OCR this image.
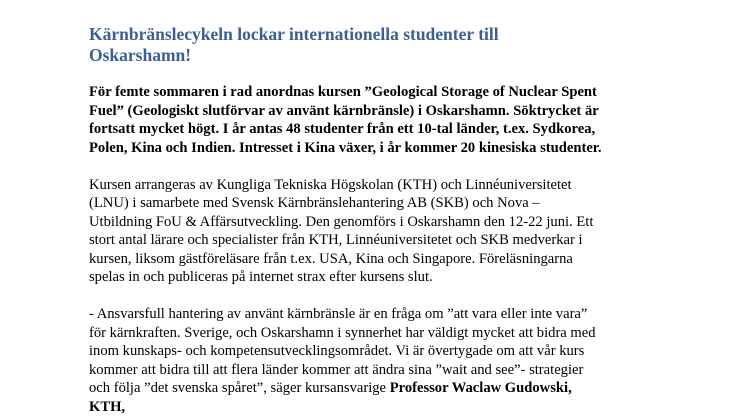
Kärnbränslecykeln lockar internationella studenter till
Oskarshamn!

För femte sommaren i rad anordnas kursen ”Geological Storage of Nuclear Spent
Fuel” (Geologiskt slutförvar av använt kärnbränsle) i Oskarshamn. Söktrycket är
fortsatt mycket högt. I år antas 48 studenter från ett 10-tal länder, t.ex. Sydkorea,
Polen, Kina och Indien. Intresset i Kina växer, i år kommer 20 kinesiska studenter.

Kursen arrangeras av Kungliga Tekniska Högskolan (KTH) och Linnéuniversitetet
(LNU) i samarbete med Svensk Kärnbränslehantering AB (SKB) och Nova –
Utbildning FoU & Affärsutveckling. Den genomförs i Oskarshamn den 12-22 juni. Ett
stort antal lärare och specialister från KTH, Linnéuniversitetet och SKB medverkar i
kursen, liksom gästföreläsare från t.ex. USA, Kina och Singapore. Föreläsningarna
spelas in och publiceras på internet strax efter kursens slut.

- Ansvarsfull hantering av använt kärnbränsle är en fråga om ”att vara eller inte vara”
för kärnkraften. Sverige, och Oskarshamn i synnerhet har väldigt mycket att bidra med
inom kunskaps- och kompetensutvecklingsområdet. Vi är övertygade om att vår kurs
kommer att bidra till att flera länder kommer att ändra sina ”wait and see”- strategier
och följa ”det svenska spåret”, säger kursansvarige Professor Waclaw Gudowski,
KTH,
